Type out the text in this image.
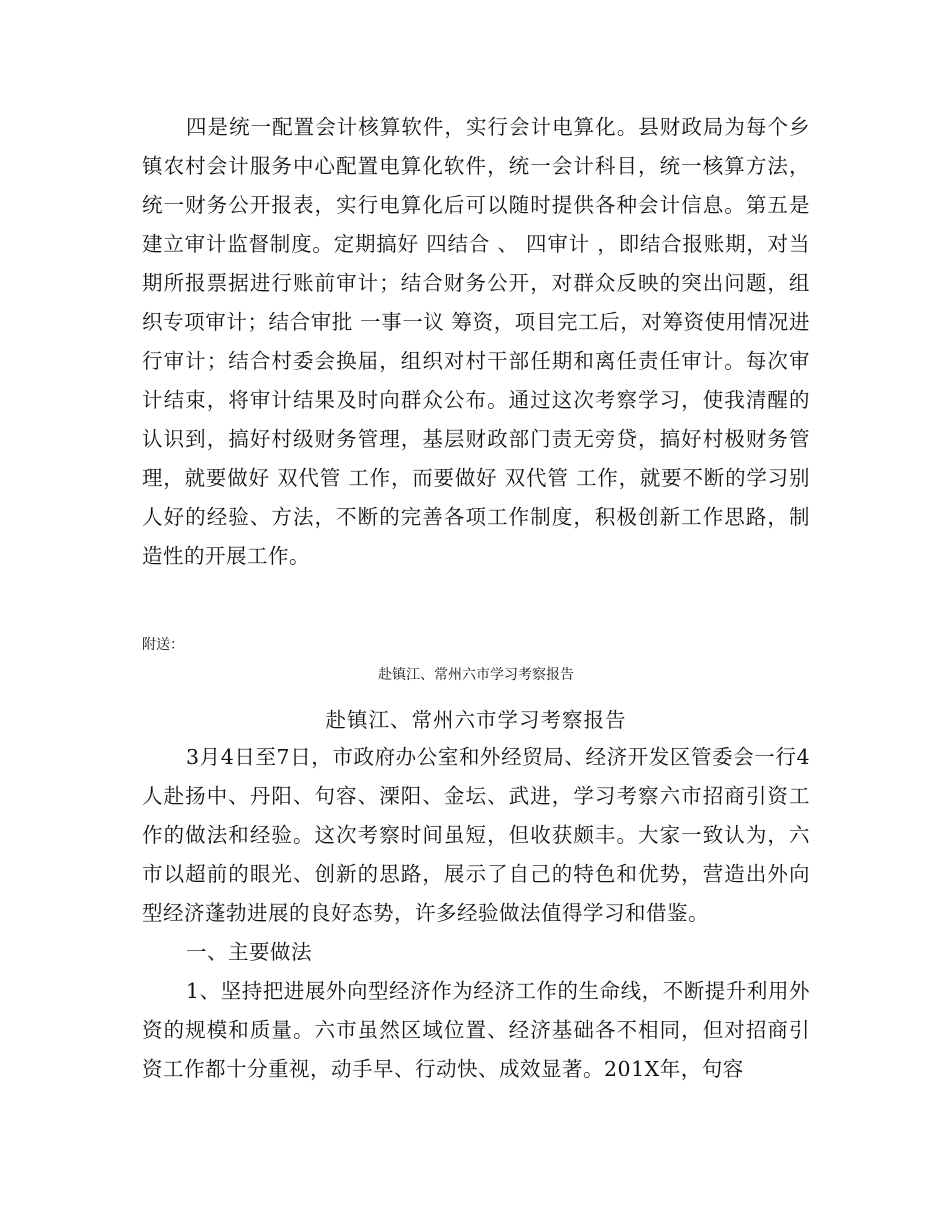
四是统一配置会计核算软件，实行会计电算化。县财政局为每个乡镇农村会计服务中心配置电算化软件，统一会计科目，统一核算方法，统一财务公开报表，实行电算化后可以随时提供各种会计信息。第五是建立审计监督制度。定期搞好 四结合 、 四审计 ，即结合报账期，对当期所报票据进行账前审计；结合财务公开，对群众反映的突出问题，组织专项审计；结合审批 一事一议 筹资，项目完工后，对筹资使用情况进行审计；结合村委会换届，组织对村干部任期和离任责任审计。每次审计结束，将审计结果及时向群众公布。通过这次考察学习，使我清醒的认识到，搞好村级财务管理，基层财政部门责无旁贷，搞好村极财务管理，就要做好 双代管 工作，而要做好 双代管 工作，就要不断的学习别人好的经验、方法，不断的完善各项工作制度，积极创新工作思路，制造性的开展工作。

附送：

赴镇江、常州六市学习考察报告

赴镇江、常州六市学习考察报告

3月4日至7日，市政府办公室和外经贸局、经济开发区管委会一行4人赴扬中、丹阳、句容、溧阳、金坛、武进，学习考察六市招商引资工作的做法和经验。这次考察时间虽短，但收获颇丰。大家一致认为，六市以超前的眼光、创新的思路，展示了自己的特色和优势，营造出外向型经济蓬勃进展的良好态势，许多经验做法值得学习和借鉴。

一、主要做法

1、坚持把进展外向型经济作为经济工作的生命线，不断提升利用外资的规模和质量。六市虽然区域位置、经济基础各不相同，但对招商引资工作都十分重视，动手早、行动快、成效显著。201X年，句容
